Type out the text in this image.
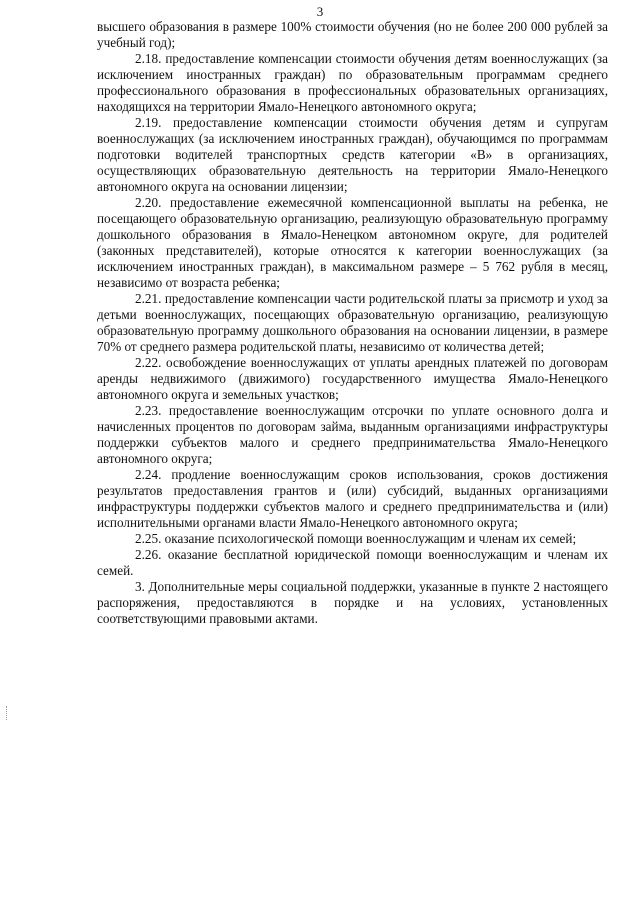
3

высшего образования в размере 100% стоимости обучения (но не более 200 000 рублей за учебный год);

2.18. предоставление компенсации стоимости обучения детям военнослужащих (за исключением иностранных граждан) по образовательным программам среднего профессионального образования в профессиональных образовательных организациях, находящихся на территории Ямало-Ненецкого автономного округа;

2.19. предоставление компенсации стоимости обучения детям и супругам военнослужащих (за исключением иностранных граждан), обучающимся по программам подготовки водителей транспортных средств категории «В» в организациях, осуществляющих образовательную деятельность на территории Ямало-Ненецкого автономного округа на основании лицензии;

2.20. предоставление ежемесячной компенсационной выплаты на ребенка, не посещающего образовательную организацию, реализующую образовательную программу дошкольного образования в Ямало-Ненецком автономном округе, для родителей (законных представителей), которые относятся к категории военнослужащих (за исключением иностранных граждан), в максимальном размере – 5 762 рубля в месяц, независимо от возраста ребенка;

2.21. предоставление компенсации части родительской платы за присмотр и уход за детьми военнослужащих, посещающих образовательную организацию, реализующую образовательную программу дошкольного образования на основании лицензии, в размере 70% от среднего размера родительской платы, независимо от количества детей;

2.22. освобождение военнослужащих от уплаты арендных платежей по договорам аренды недвижимого (движимого) государственного имущества Ямало-Ненецкого автономного округа и земельных участков;

2.23. предоставление военнослужащим отсрочки по уплате основного долга и начисленных процентов по договорам займа, выданным организациями инфраструктуры поддержки субъектов малого и среднего предпринимательства Ямало-Ненецкого автономного округа;

2.24. продление военнослужащим сроков использования, сроков достижения результатов предоставления грантов и (или) субсидий, выданных организациями инфраструктуры поддержки субъектов малого и среднего предпринимательства и (или) исполнительными органами власти Ямало-Ненецкого автономного округа;

2.25. оказание психологической помощи военнослужащим и членам их семей;

2.26. оказание бесплатной юридической помощи военнослужащим и членам их семей.

3. Дополнительные меры социальной поддержки, указанные в пункте 2 настоящего распоряжения, предоставляются в порядке и на условиях, установленных соответствующими правовыми актами.
